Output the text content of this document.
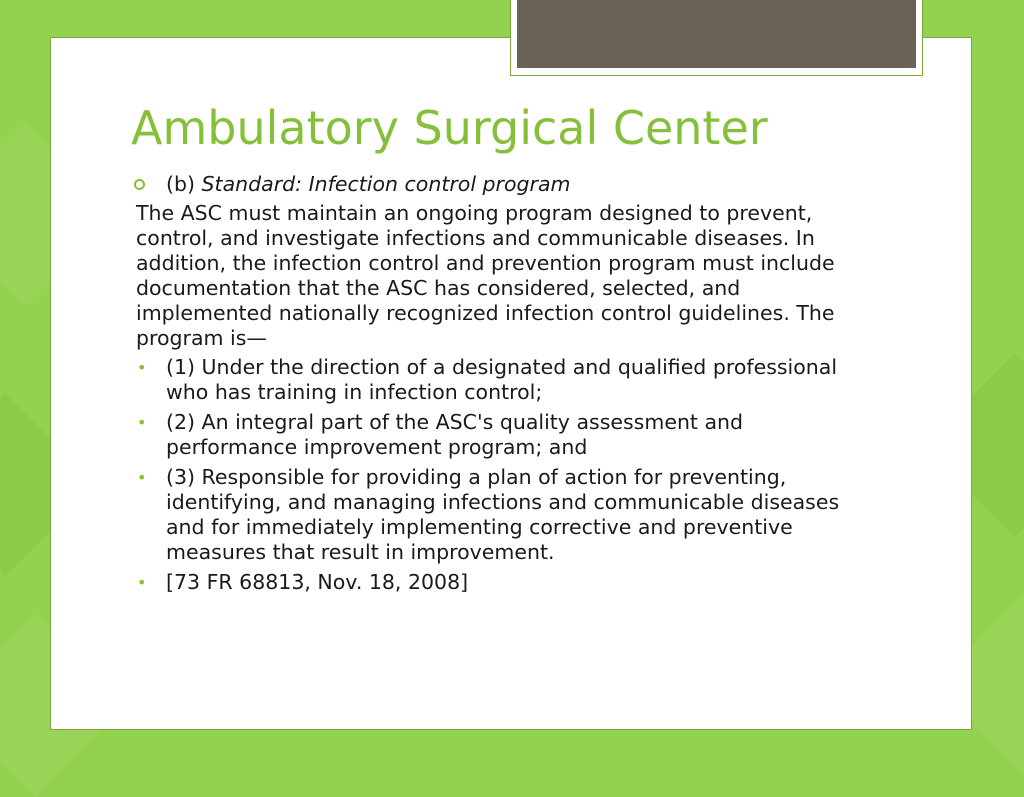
Ambulatory Surgical Center
(b) Standard: Infection control program

The ASC must maintain an ongoing program designed to prevent, control, and investigate infections and communicable diseases. In addition, the infection control and prevention program must include documentation that the ASC has considered, selected, and implemented nationally recognized infection control guidelines. The program is—

• (1) Under the direction of a designated and qualified professional who has training in infection control;
• (2) An integral part of the ASC's quality assessment and performance improvement program; and
• (3) Responsible for providing a plan of action for preventing, identifying, and managing infections and communicable diseases and for immediately implementing corrective and preventive measures that result in improvement.
• [73 FR 68813, Nov. 18, 2008]
